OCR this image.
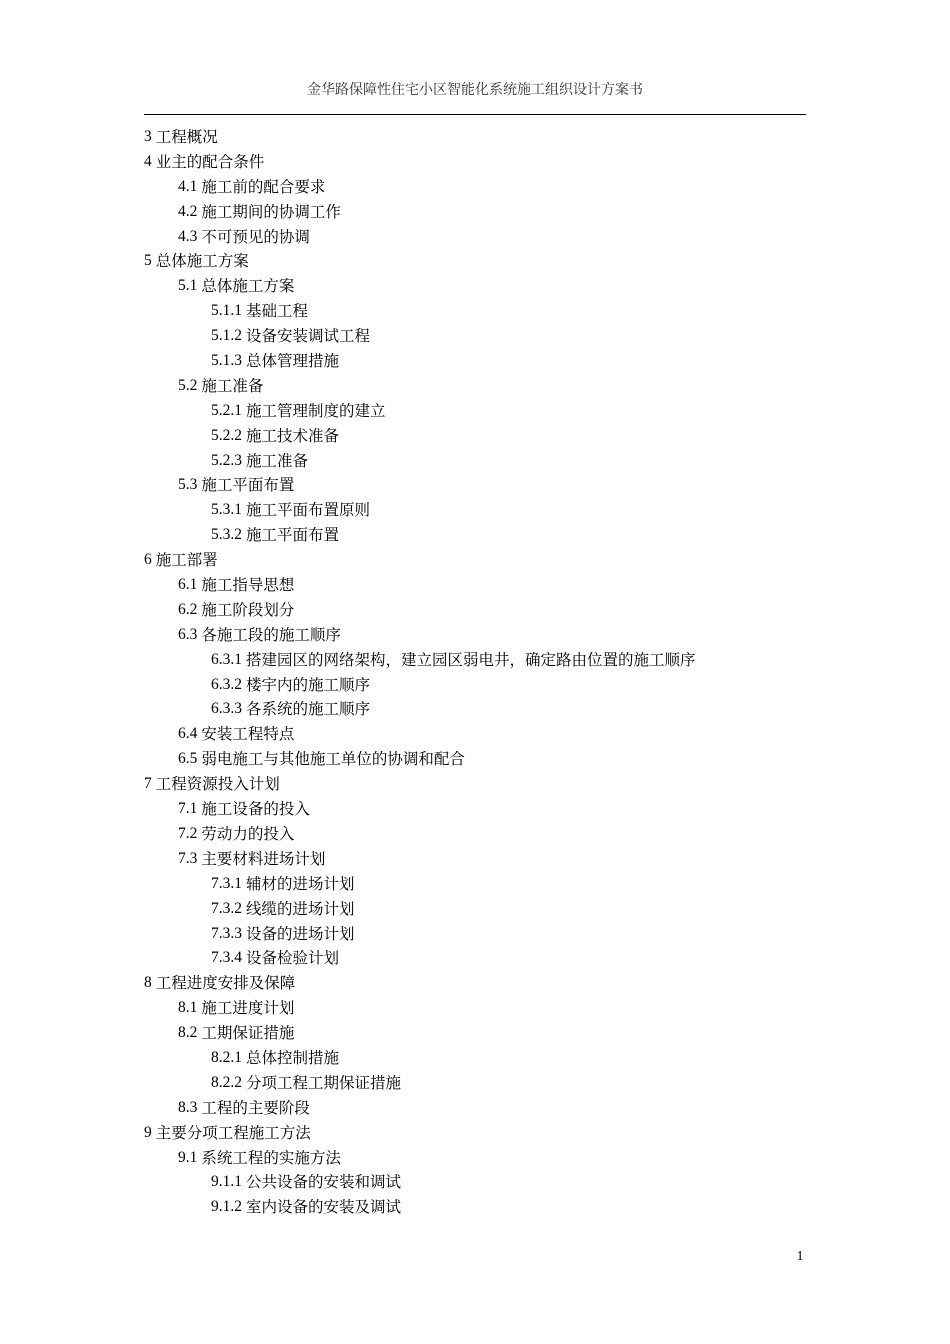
金华路保障性住宅小区智能化系统施工组织设计方案书
3 工程概况
4 业主的配合条件
4.1 施工前的配合要求
4.2 施工期间的协调工作
4.3 不可预见的协调
5 总体施工方案
5.1 总体施工方案
5.1.1 基础工程
5.1.2 设备安装调试工程
5.1.3 总体管理措施
5.2 施工准备
5.2.1 施工管理制度的建立
5.2.2 施工技术准备
5.2.3 施工准备
5.3 施工平面布置
5.3.1 施工平面布置原则
5.3.2 施工平面布置
6 施工部署
6.1 施工指导思想
6.2 施工阶段划分
6.3 各施工段的施工顺序
6.3.1 搭建园区的网络架构，建立园区弱电井，确定路由位置的施工顺序
6.3.2 楼宇内的施工顺序
6.3.3 各系统的施工顺序
6.4 安装工程特点
6.5 弱电施工与其他施工单位的协调和配合
7 工程资源投入计划
7.1 施工设备的投入
7.2 劳动力的投入
7.3 主要材料进场计划
7.3.1 辅材的进场计划
7.3.2 线缆的进场计划
7.3.3 设备的进场计划
7.3.4 设备检验计划
8 工程进度安排及保障
8.1 施工进度计划
8.2 工期保证措施
8.2.1 总体控制措施
8.2.2 分项工程工期保证措施
8.3 工程的主要阶段
9 主要分项工程施工方法
9.1 系统工程的实施方法
9.1.1 公共设备的安装和调试
9.1.2 室内设备的安装及调试
1
